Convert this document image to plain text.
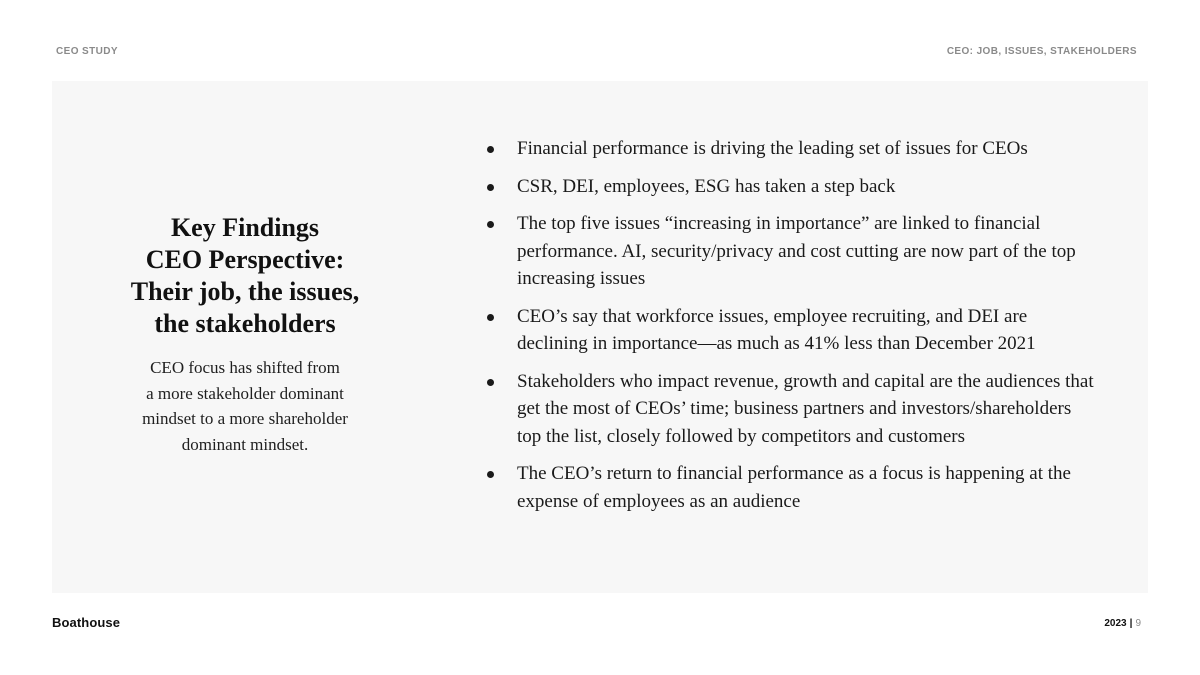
CEO STUDY	CEO: JOB, ISSUES, STAKEHOLDERS
Key Findings
CEO Perspective:
Their job, the issues,
the stakeholders
CEO focus has shifted from
a more stakeholder dominant
mindset to a more shareholder
dominant mindset.
Financial performance is driving the leading set of issues for CEOs
CSR, DEI, employees, ESG has taken a step back
The top five issues “increasing in importance” are linked to financial performance. AI, security/privacy and cost cutting are now part of the top increasing issues
CEO’s say that workforce issues, employee recruiting, and DEI are declining in importance—as much as 41% less than December 2021
Stakeholders who impact revenue, growth and capital are the audiences that get the most of CEOs’ time; business partners and investors/shareholders top the list, closely followed by competitors and customers
The CEO’s return to financial performance as a focus is happening at the expense of employees as an audience
Boathouse	2023 | 9
